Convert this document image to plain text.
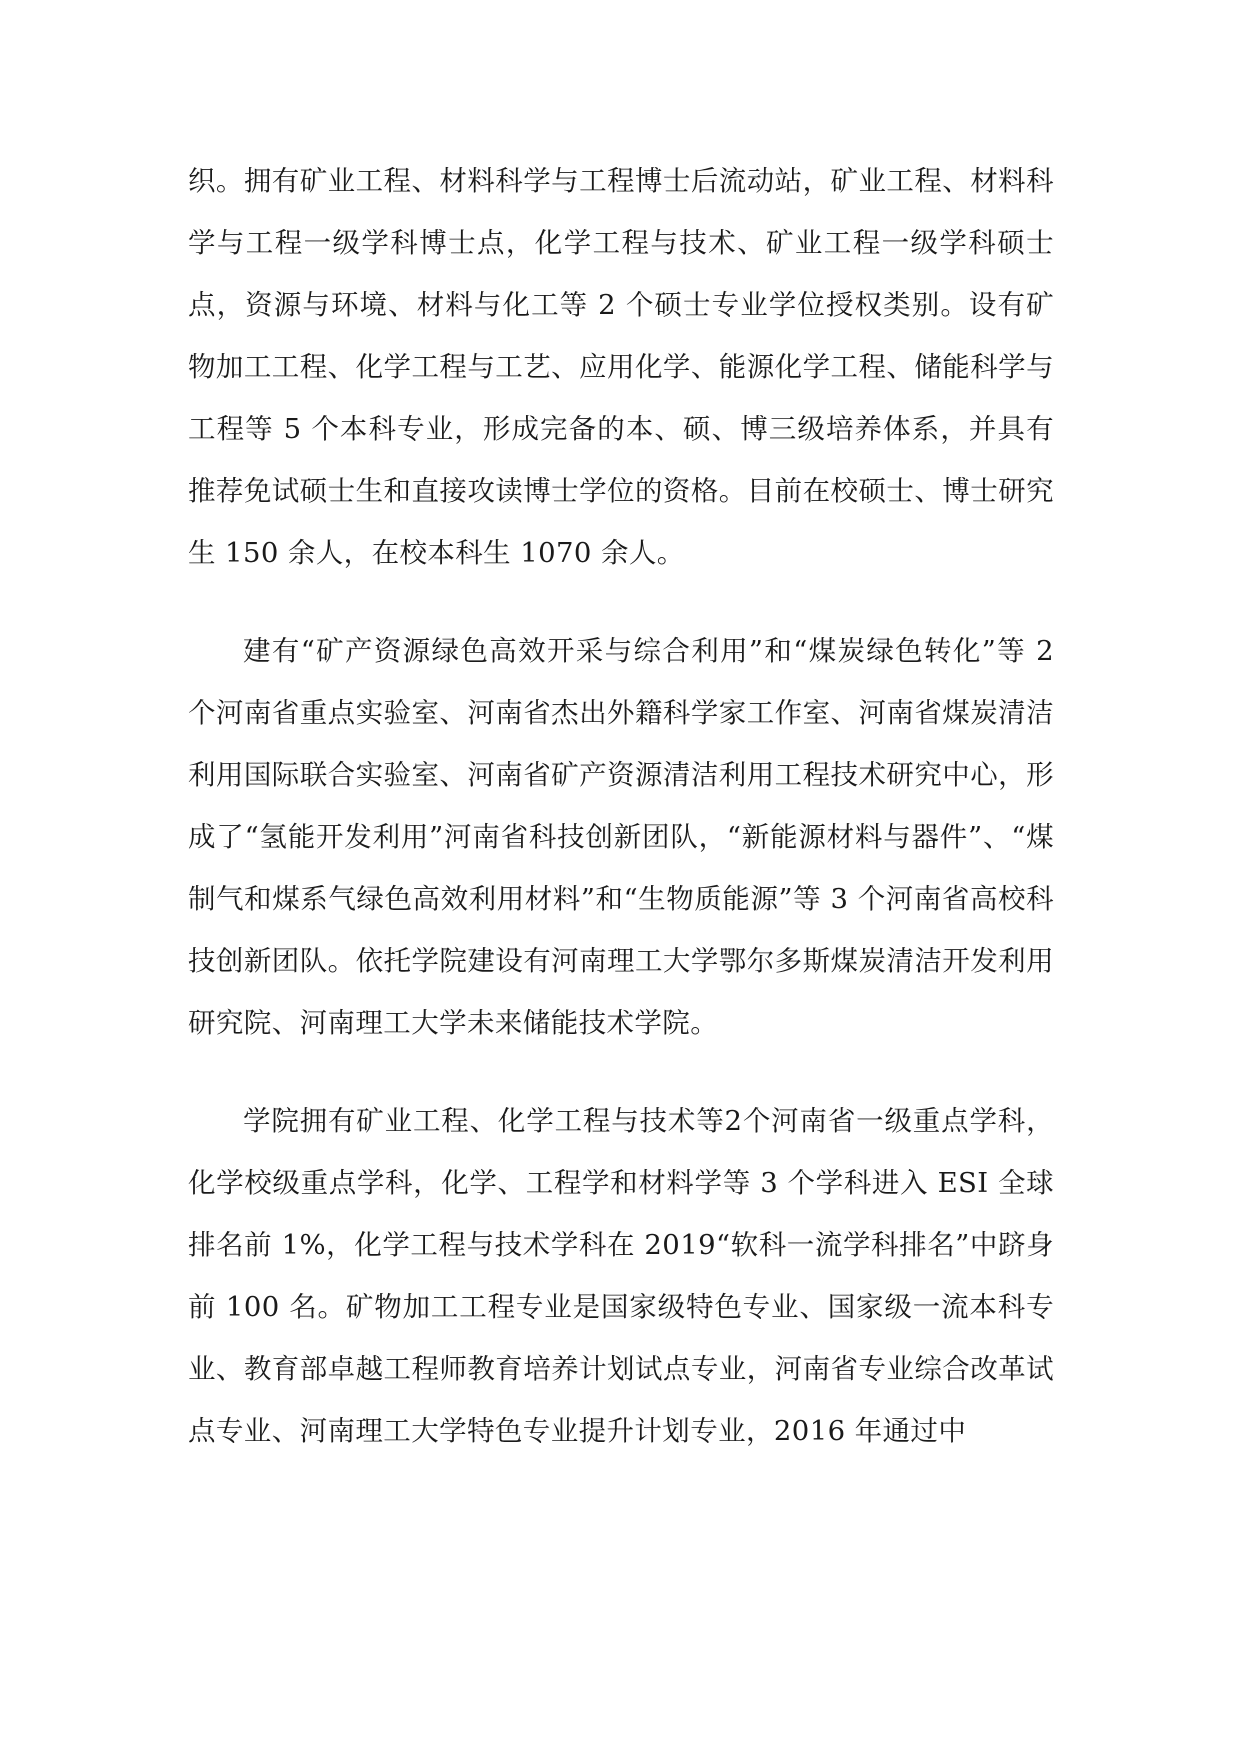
织。拥有矿业工程、材料科学与工程博士后流动站，矿业工程、材料科学与工程一级学科博士点，化学工程与技术、矿业工程一级学科硕士点，资源与环境、材料与化工等 2 个硕士专业学位授权类别。设有矿物加工工程、化学工程与工艺、应用化学、能源化学工程、储能科学与工程等 5 个本科专业，形成完备的本、硕、博三级培养体系，并具有推荐免试硕士生和直接攻读博士学位的资格。目前在校硕士、博士研究生 150 余人，在校本科生 1070 余人。

建有“矿产资源绿色高效开采与综合利用”和“煤炭绿色转化”等 2 个河南省重点实验室、河南省杰出外籍科学家工作室、河南省煤炭清洁利用国际联合实验室、河南省矿产资源清洁利用工程技术研究中心，形成了“氢能开发利用”河南省科技创新团队，“新能源材料与器件”、“煤制气和煤系气绿色高效利用材料”和“生物质能源”等 3 个河南省高校科技创新团队。依托学院建设有河南理工大学鄂尔多斯煤炭清洁开发利用研究院、河南理工大学未来储能技术学院。

学院拥有矿业工程、化学工程与技术等2个河南省一级重点学科，化学校级重点学科，化学、工程学和材料学等 3 个学科进入 ESI 全球排名前 1%，化学工程与技术学科在 2019“软科一流学科排名”中跻身前 100 名。矿物加工工程专业是国家级特色专业、国家级一流本科专业、教育部卓越工程师教育培养计划试点专业，河南省专业综合改革试点专业、河南理工大学特色专业提升计划专业，2016 年通过中
